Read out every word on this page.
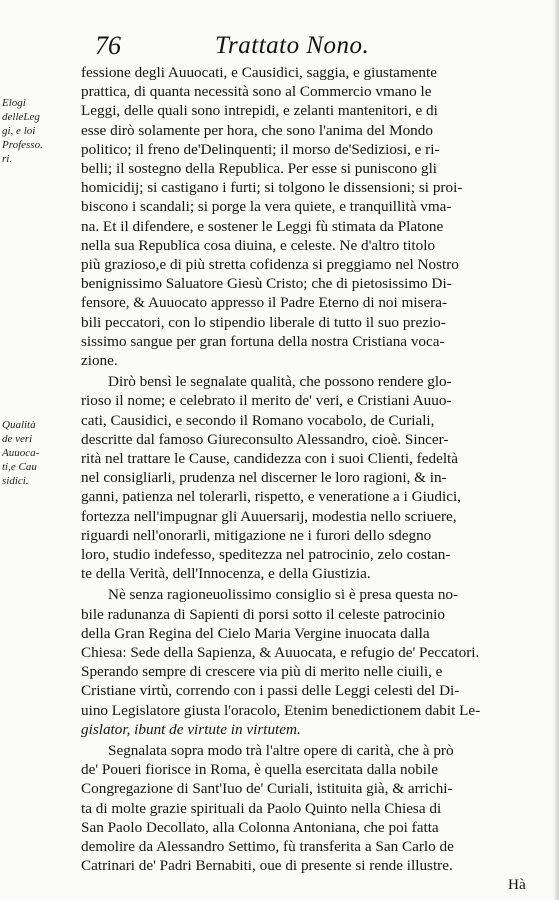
76	Trattato Nono.
Elogi
delleLeg
gi, e loi
Professo.
ri.
Qualità
de veri
Auuoca-
ti,e Cau
sidici.
fessione degli Auuocati, e Causidici, saggia, e giustamente
prattica, di quanta necessità sono al Commercio vmano le
Leggi, delle quali sono intrepidi, e zelanti mantenitori, e di
esse dirò solamente per hora, che sono l'anima del Mondo
politico; il freno de'Delinquenti; il morso de'Sediziosi, e ri-
belli; il sostegno della Republica. Per esse si puniscono gli
homicidij; si castigano i furti; si tolgono le dissensioni; si proi-
biscono i scandali; si porge la vera quiete, e tranquillità vma-
na. Et il difendere, e sostener le Leggi fù stimata da Platone
nella sua Republica cosa diuina, e celeste. Ne d'altro titolo
più grazioso,e di più stretta cofidenza si preggiamo nel Nostro
benignissimo Saluatore Giesù Cristo; che di pietosissimo Di-
fensore, & Auuocato appresso il Padre Eterno di noi misera-
bili peccatori, con lo stipendio liberale di tutto il suo prezio-
sissimo sangue per gran fortuna della nostra Cristiana voca-
zione.
Dirò bensì le segnalate qualità, che possono rendere glo-
rioso il nome; e celebrato il merito de' veri, e Cristiani Auuo-
cati, Causidici, e secondo il Romano vocabolo, de Curiali,
descritte dal famoso Giureconsulto Alessandro, cioè. Sincer-
rità nel trattare le Cause, candidezza con i suoi Clienti, fedeltà
nel consigliarli, prudenza nel discerner le loro ragioni, & in-
ganni, patienza nel tolerarli, rispetto, e veneratione a i Giudici,
fortezza nell'impugnar gli Auuersarij, modestia nello scriuere,
riguardi nell'onorarli, mitigazione ne i furori dello sdegno
loro, studio indefesso, speditezza nel patrocinio, zelo costan-
te della Verità, dell'Innocenza, e della Giustizia.
Nè senza ragioneuolissimo consiglio si è presa questa no-
bile radunanza di Sapienti di porsi sotto il celeste patrocinio
della Gran Regina del Cielo Maria Vergine inuocata dalla
Chiesa: Sede della Sapienza, & Auuocata, e refugio de' Peccatori.
Sperando sempre di crescere via più di merito nelle ciuili, e
Cristiane virtù, correndo con i passi delle Leggi celesti del Di-
uino Legislatore giusta l'oracolo, Etenim benedictionem dabit Le-
gislator, ibunt de virtute in virtutem.
Segnalata sopra modo trà l'altre opere di carità, che à prò
de' Poueri fiorisce in Roma, è quella esercitata dalla nobile
Congregazione di Sant'Iuo de' Curiali, istituita già, & arrichi-
ta di molte grazie spirituali da Paolo Quinto nella Chiesa di
San Paolo Decollato, alla Colonna Antoniana, che poi fatta
demolire da Alessandro Settimo, fù transferita a San Carlo de
Catrinari de' Padri Bernabiti, oue di presente si rende illustre.
Hà
